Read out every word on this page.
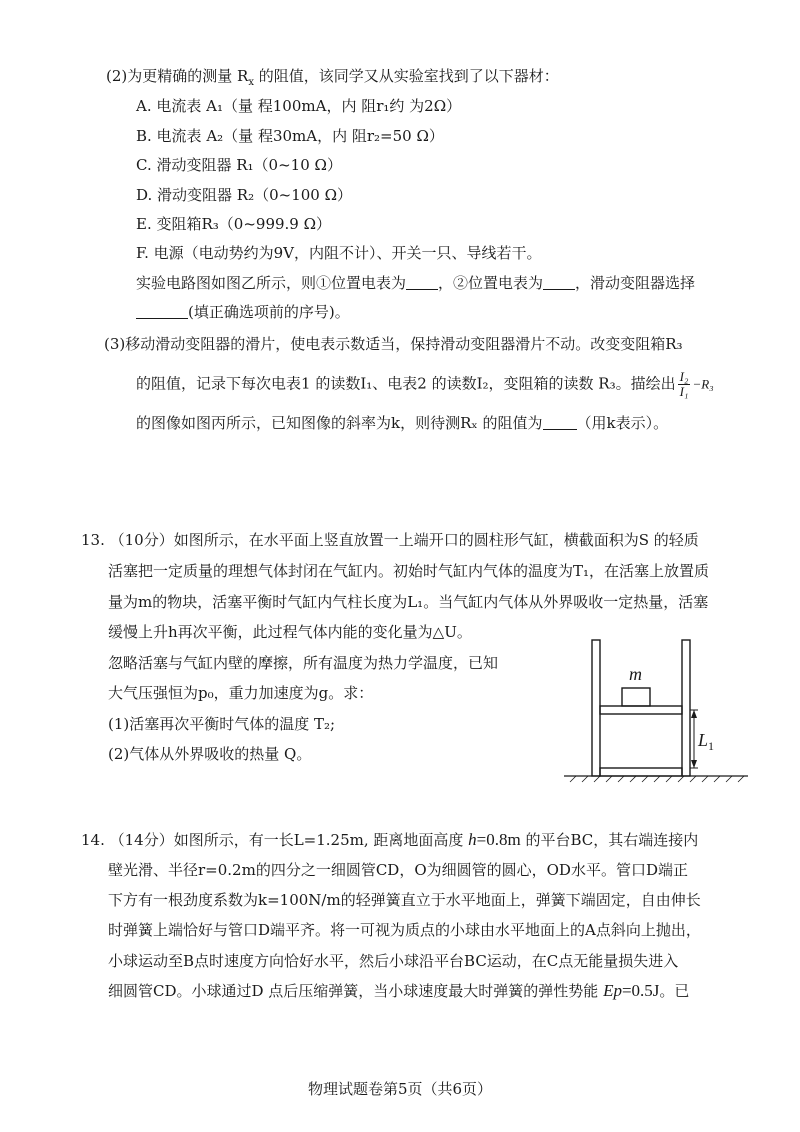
(2)为更精确的测量 $R_x$ 的阻值，该同学又从实验室找到了以下器材：
A. 电流表 A₁（量 程100mA，内 阻r₁约 为2Ω）
B. 电流表 A₂（量 程30mA，内 阻r₂=50 Ω）
C. 滑动变阻器 R₁（0~10 Ω）
D. 滑动变阻器 R₂（0~100 Ω）
E. 变阻箱R₃（0~999.9 Ω）
F. 电源（电动势约为9V，内阻不计）、开关一只、导线若干。
实验电路图如图乙所示，则①位置电表为 ，②位置电表为 ，滑动变阻器选择
(填正确选项前的序号)。
(3)移动滑动变阻器的滑片，使电表示数适当，保持滑动变阻器滑片不动。改变变阻箱R₃
的阻值，记录下每次电表1 的读数I₁、电表2 的读数I₂，变阻箱的读数 R₃。描绘出 $\frac{\text{I₂}}{\text{I₁}} -R_3$
的图像如图丙所示，已知图像的斜率为k，则待测Rₓ 的阻值为 （用k表示）。
13. （10分）如图所示，在水平面上竖直放置一上端开口的圆柱形气缸，横截面积为S 的轻质
活塞把一定质量的理想气体封闭在气缸内。初始时气缸内气体的温度为T₁，在活塞上放置质
量为m的物块，活塞平衡时气缸内气柱长度为L₁。当气缸内气体从外界吸收一定热量，活塞
缓慢上升h再次平衡，此过程气体内能的变化量为△U。
忽略活塞与气缸内壁的摩擦，所有温度为热力学温度，已知
大气压强恒为p₀，重力加速度为g。求：
(1)活塞再次平衡时气体的温度 T₂;
(2)气体从外界吸收的热量 Q。
m
$L_1$
14. （14分）如图所示，有一长L=1.25m, 距离地面高度 h=0.8m 的平台BC，其右端连接内
壁光滑、半径r=0.2m的四分之一细圆管CD，O为细圆管的圆心，OD水平。管口D端正
下方有一根劲度系数为k=100N/m的轻弹簧直立于水平地面上，弹簧下端固定，自由伸长
时弹簧上端恰好与管口D端平齐。将一可视为质点的小球由水平地面上的A点斜向上抛出，
小球运动至B点时速度方向恰好水平，然后小球沿平台BC运动，在C点无能量损失进入
细圆管CD。小球通过D 点后压缩弹簧，当小球速度最大时弹簧的弹性势能 Ep=0.5J。已
物理试题卷第5页（共6页）
